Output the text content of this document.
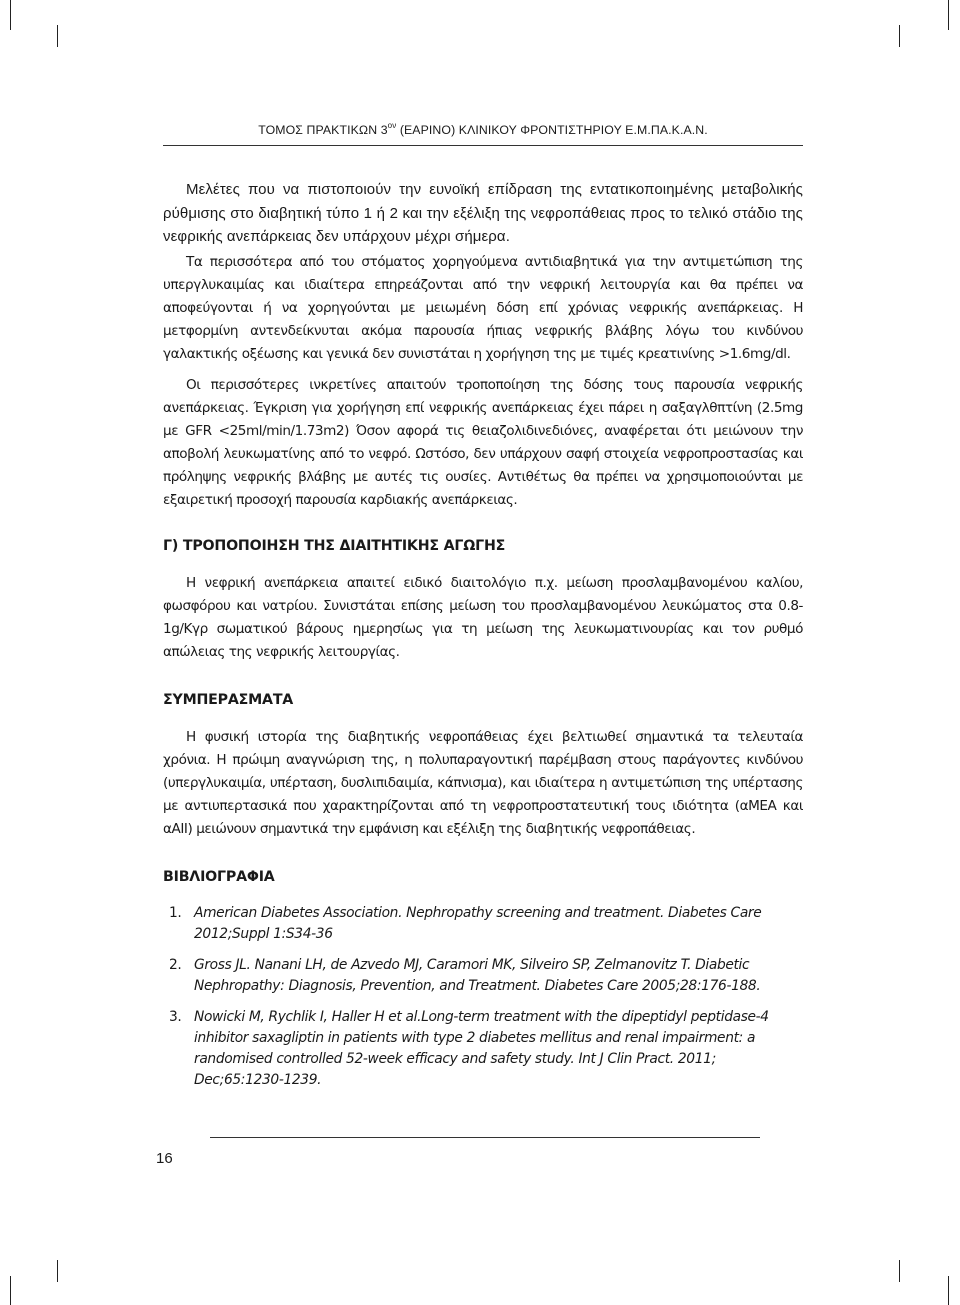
ΤΟΜΟΣ ΠΡΑΚΤΙΚΩΝ $3^{o\nu}$ (ΕΑΡΙΝΟ) ΚΛΙΝΙΚΟΥ ΦΡΟΝΤΙΣΤΗΡΙΟΥ Ε.Μ.ΠΑ.Κ.Α.Ν.

Μελέτες που να πιστοποιούν την ευνοϊκή επίδραση της εντατικοποιημένης μεταβολικής ρύθμισης στο διαβητική τύπο 1 ή 2 και την εξέλιξη της νεφροπάθειας προς το τελικό στάδιο της νεφρικής ανεπάρκειας δεν υπάρχουν μέχρι σήμερα.

Τα περισσότερα από του στόματος χορηγούμενα αντιδιαβητικά για την αντιμετώπιση της υπεργλυκαιμίας και ιδιαίτερα επηρεάζονται από την νεφρική λειτουργία και θα πρέπει να αποφεύγονται ή να χορηγούνται με μειωμένη δόση επί χρόνιας νεφρικής ανεπάρκειας. Η μετφορμίνη αντενδείκνυται ακόμα παρουσία ήπιας νεφρικής βλάβης λόγω του κινδύνου γαλακτικής οξέωσης και γενικά δεν συνιστάται η χορήγηση της με τιμές κρεατινίνης >1.6mg/dl.

Οι περισσότερες ινκρετίνες απαιτούν τροποποίηση της δόσης τους παρουσία νεφρικής ανεπάρκειας. Έγκριση για χορήγηση επί νεφρικής ανεπάρκειας έχει πάρει η σαξαγλθπτίνη (2.5mg με GFR <25ml/min/1.73m2) Όσον αφορά τις θειαζολιδινεδιόνες, αναφέρεται ότι μειώνουν την αποβολή λευκωματίνης από το νεφρό. Ωστόσο, δεν υπάρχουν σαφή στοιχεία νεφροπροστασίας και πρόληψης νεφρικής βλάβης με αυτές τις ουσίες. Αντιθέτως θα πρέπει να χρησιμοποιούνται με εξαιρετική προσοχή παρουσία καρδιακής ανεπάρκειας.

Γ) ΤΡΟΠΟΠΟΙΗΣΗ ΤΗΣ ΔΙΑΙΤΗΤΙΚΗΣ ΑΓΩΓΗΣ

Η νεφρική ανεπάρκεια απαιτεί ειδικό διαιτολόγιο π.χ. μείωση προσλαμβανομένου καλίου, φωσφόρου και νατρίου. Συνιστάται επίσης μείωση του προσλαμβανομένου λευκώματος στα 0.8-1g/Κγρ σωματικού βάρους ημερησίως για τη μείωση της λευκωματινουρίας και τον ρυθμό απώλειας της νεφρικής λειτουργίας.

ΣΥΜΠΕΡΑΣΜΑΤΑ

Η φυσική ιστορία της διαβητικής νεφροπάθειας έχει βελτιωθεί σημαντικά τα τελευταία χρόνια. Η πρώιμη αναγνώριση της, η πολυπαραγοντική παρέμβαση στους παράγοντες κινδύνου (υπεργλυκαιμία, υπέρταση, δυσλιπιδαιμία, κάπνισμα), και ιδιαίτερα η αντιμετώπιση της υπέρτασης με αντιυπερτασικά που χαρακτηρίζονται από τη νεφροπροστατευτική τους ιδιότητα (αΜΕΑ και αΑΙΙ) μειώνουν σημαντικά την εμφάνιση και εξέλιξη της διαβητικής νεφροπάθειας.

ΒΙΒΛΙΟΓΡΑΦΙΑ
1. American Diabetes Association. Nephropathy screening and treatment. Diabetes Care 2012;Suppl 1:S34-36
2. Gross JL. Nanani LH, de Azvedo MJ, Caramori MK, Silveiro SP, Zelmanovitz T. Diabetic Nephropathy: Diagnosis, Prevention, and Treatment. Diabetes Care 2005;28:176-188.
3. Nowicki M, Rychlik I, Haller H et al.Long-term treatment with the dipeptidyl peptidase-4 inhibitor saxagliptin in patients with type 2 diabetes mellitus and renal impairment: a randomised controlled 52-week efficacy and safety study. Int J Clin Pract. 2011; Dec;65:1230-1239.
16
